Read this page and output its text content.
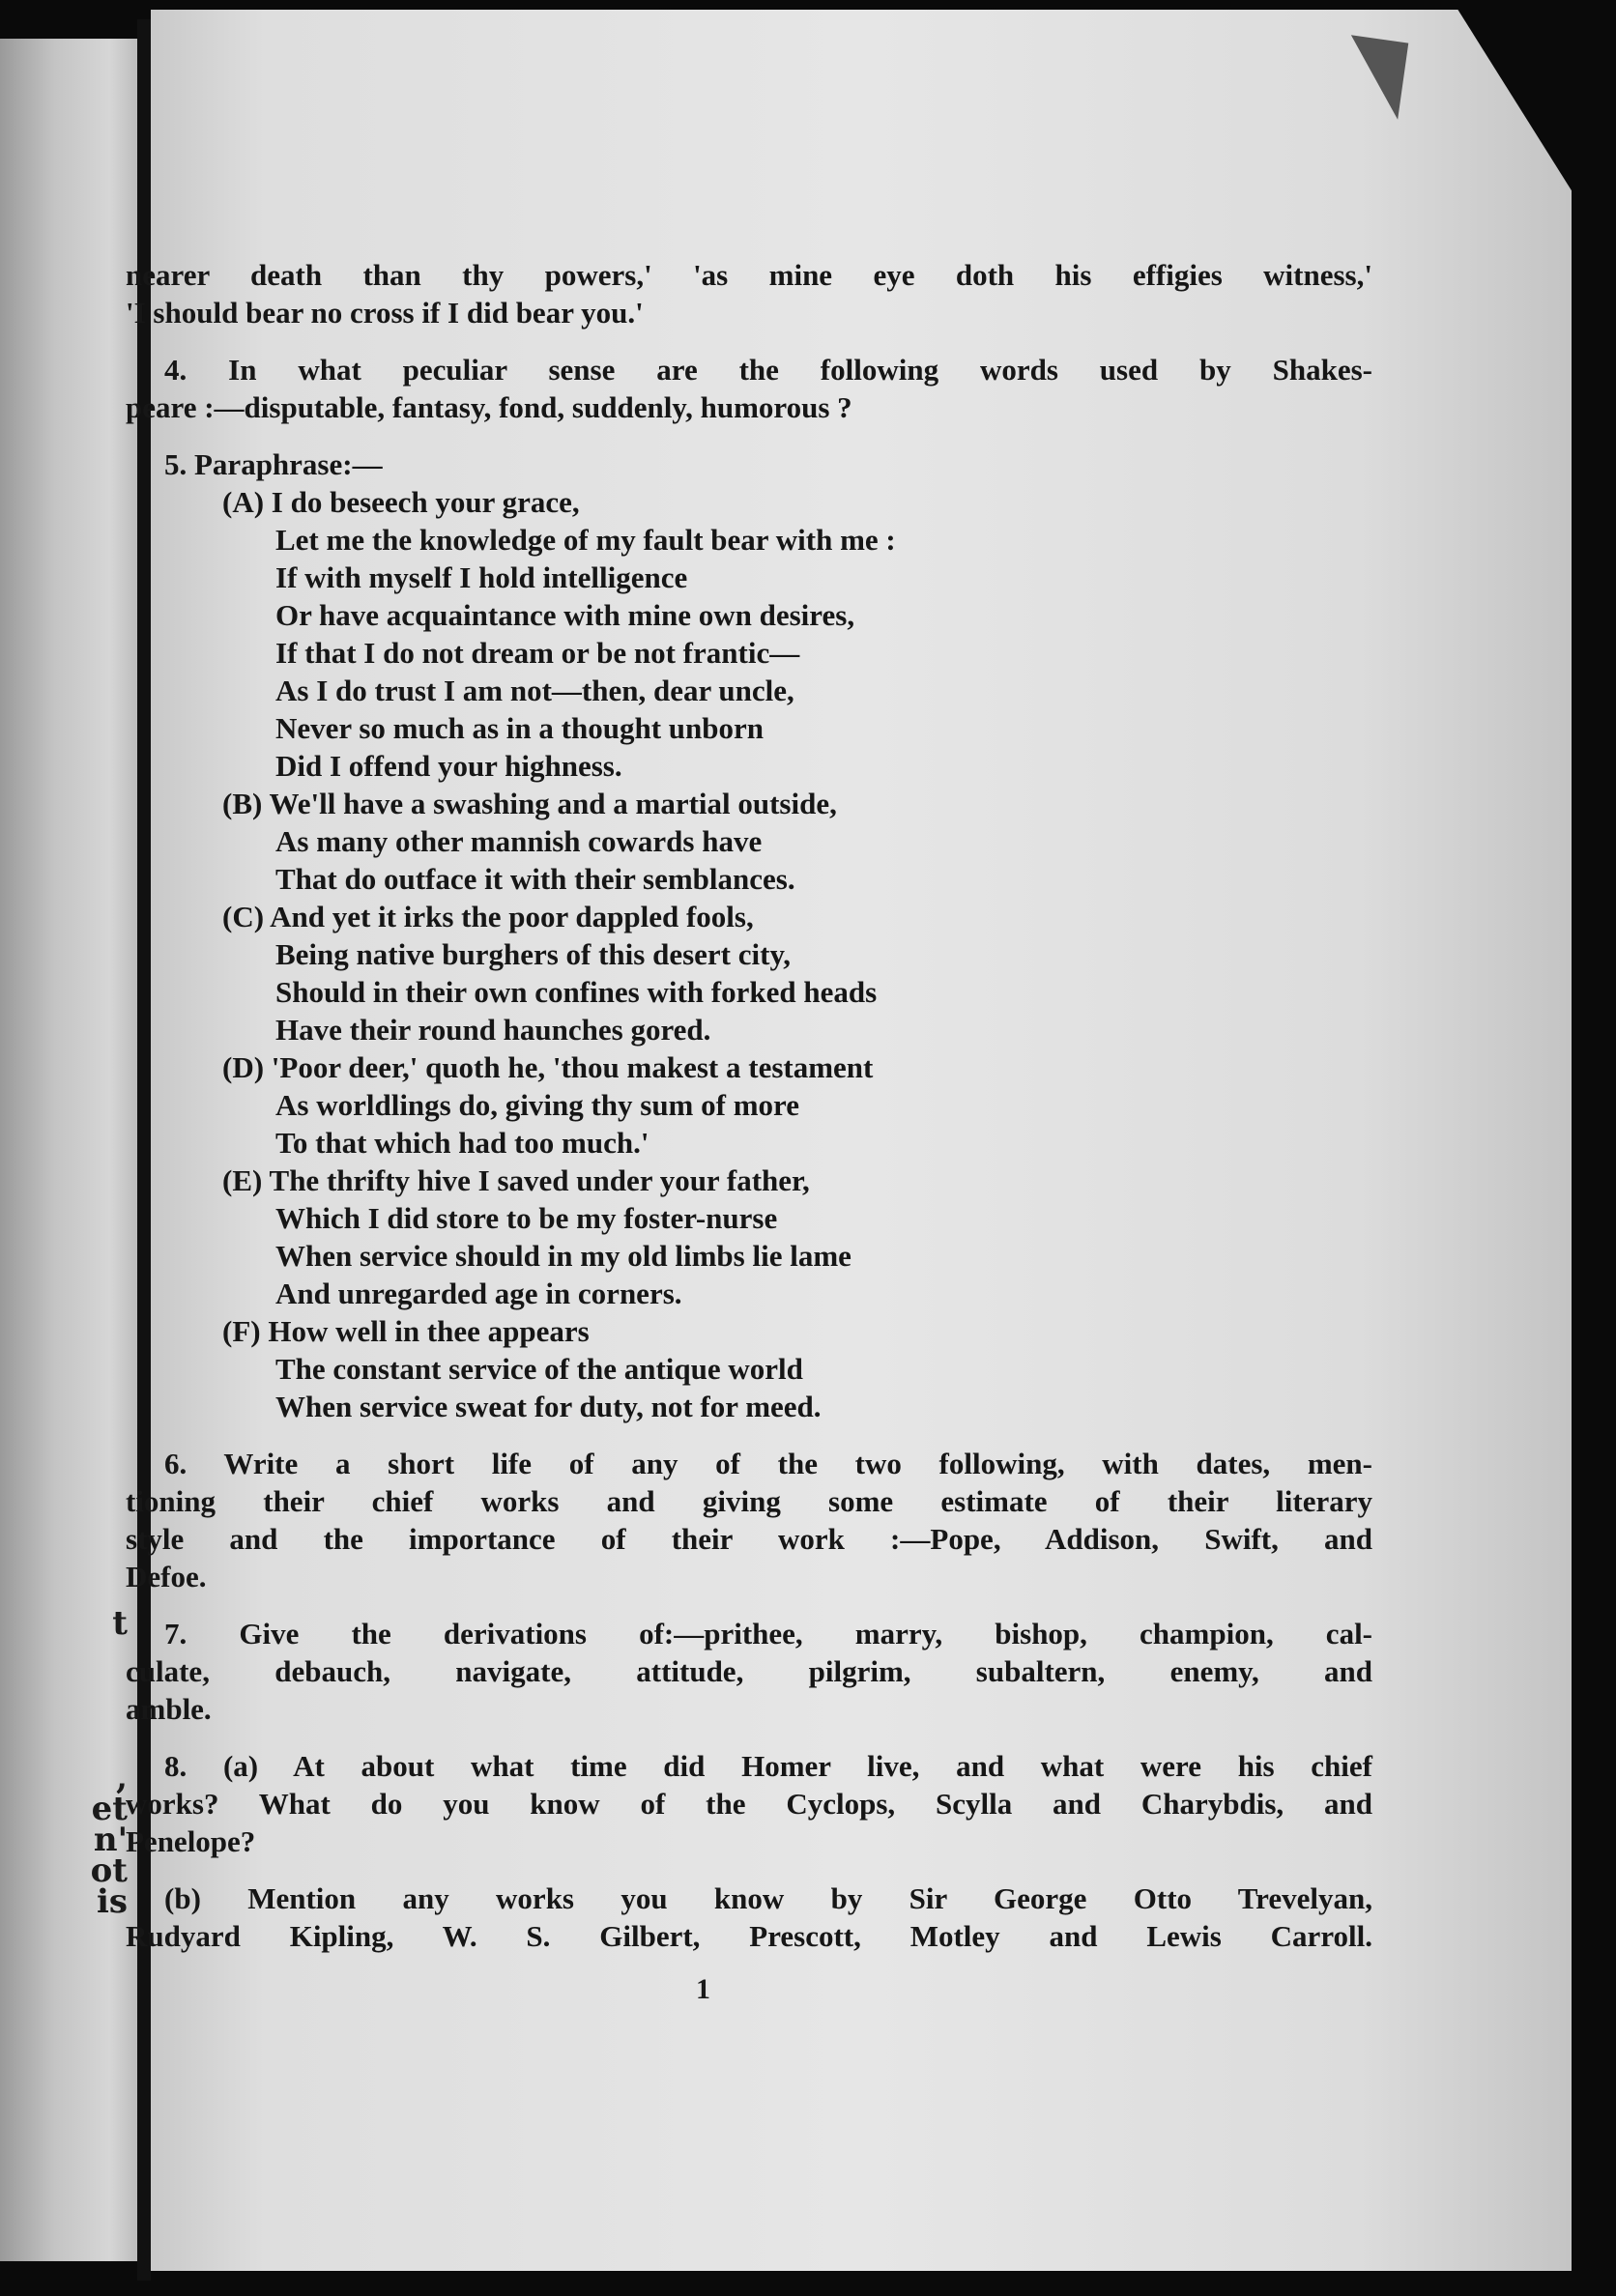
t
,
et
n'
ot
is
nearer death than thy powers,' 'as mine eye doth his effigies witness,'
'I should bear no cross if I did bear you.'
4. In what peculiar sense are the following words used by Shakes-
peare :—disputable, fantasy, fond, suddenly, humorous ?
5. Paraphrase:—
(A) I do beseech your grace,
Let me the knowledge of my fault bear with me :
If with myself I hold intelligence
Or have acquaintance with mine own desires,
If that I do not dream or be not frantic—
As I do trust I am not—then, dear uncle,
Never so much as in a thought unborn
Did I offend your highness.
(B) We'll have a swashing and a martial outside,
As many other mannish cowards have
That do outface it with their semblances.
(C) And yet it irks the poor dappled fools,
Being native burghers of this desert city,
Should in their own confines with forked heads
Have their round haunches gored.
(D) 'Poor deer,' quoth he, 'thou makest a testament
As worldlings do, giving thy sum of more
To that which had too much.'
(E) The thrifty hive I saved under your father,
Which I did store to be my foster-nurse
When service should in my old limbs lie lame
And unregarded age in corners.
(F) How well in thee appears
The constant service of the antique world
When service sweat for duty, not for meed.
6. Write a short life of any of the two following, with dates, men-
tioning their chief works and giving some estimate of their literary
style and the importance of their work :—Pope, Addison, Swift, and
Defoe.
7. Give the derivations of:—prithee, marry, bishop, champion, cal-
culate, debauch, navigate, attitude, pilgrim, subaltern, enemy, and
amble.
8. (a) At about what time did Homer live, and what were his chief
works? What do you know of the Cyclops, Scylla and Charybdis, and
Penelope?
(b) Mention any works you know by Sir George Otto Trevelyan,
Rudyard Kipling, W. S. Gilbert, Prescott, Motley and Lewis Carroll.
1
